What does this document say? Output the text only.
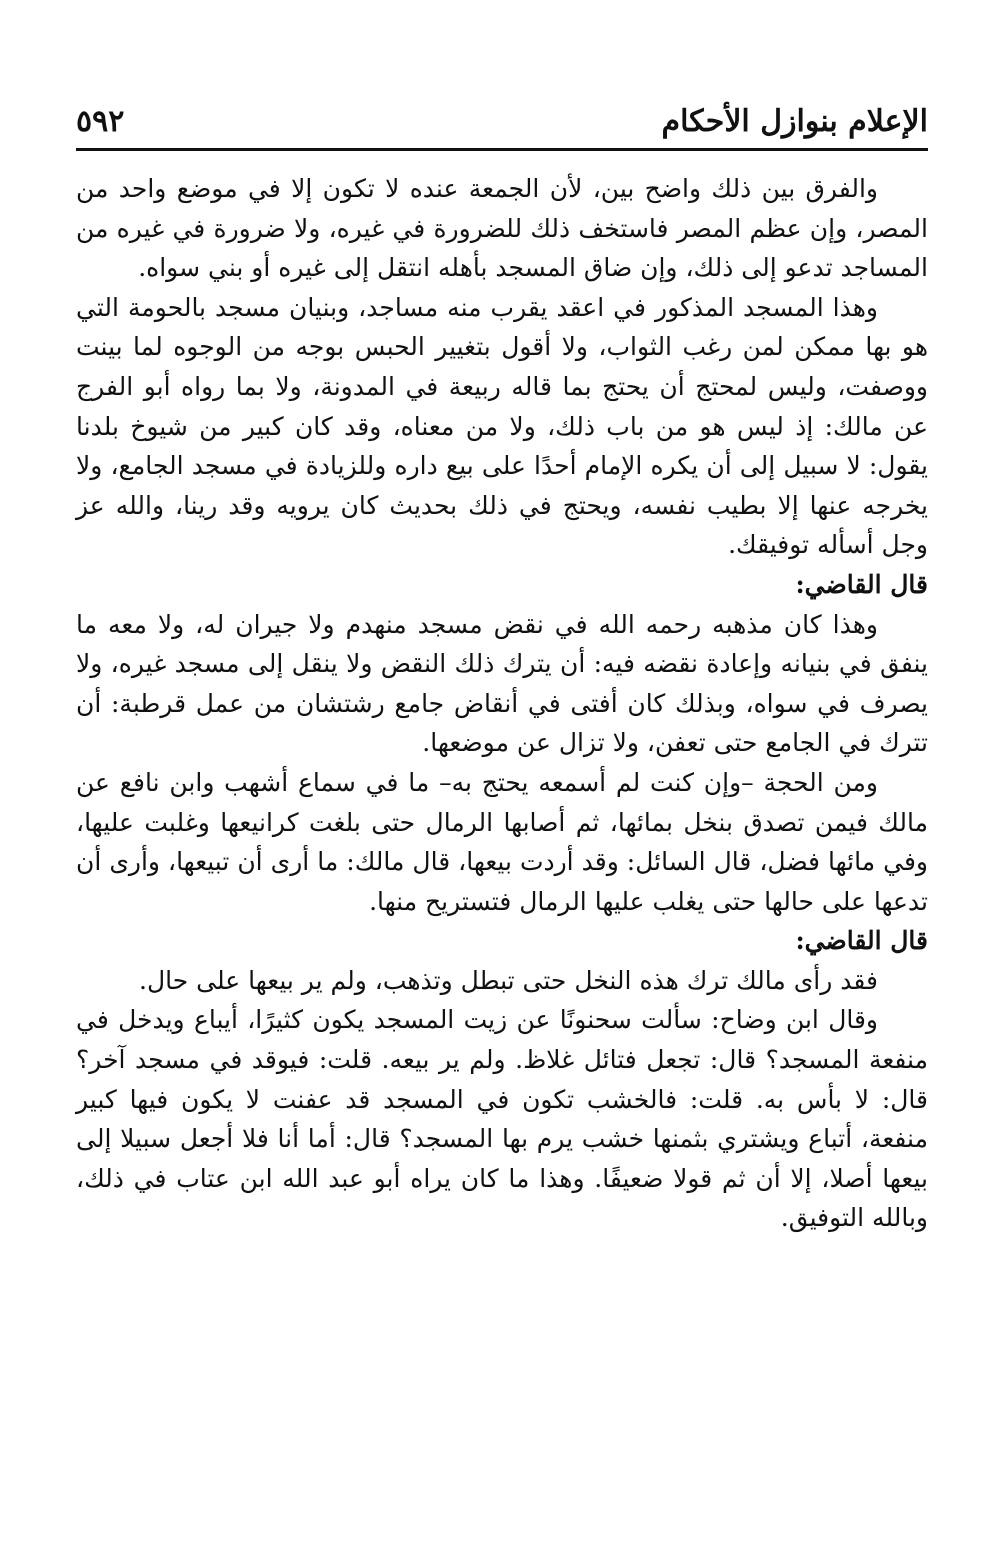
الإعلام بنوازل الأحكام
٥٩٢

والفرق بين ذلك واضح بين، لأن الجمعة عنده لا تكون إلا في موضع واحد من المصر، وإن عظم المصر فاستخف ذلك للضرورة في غيره، ولا ضرورة في غيره من المساجد تدعو إلى ذلك، وإن ضاق المسجد بأهله انتقل إلى غيره أو بني سواه.

وهذا المسجد المذكور في اعقد يقرب منه مساجد، وبنيان مسجد بالحومة التي هو بها ممكن لمن رغب الثواب، ولا أقول بتغيير الحبس بوجه من الوجوه لما بينت ووصفت، وليس لمحتج أن يحتج بما قاله ربيعة في المدونة، ولا بما رواه أبو الفرج عن مالك: إذ ليس هو من باب ذلك، ولا من معناه، وقد كان كبير من شيوخ بلدنا يقول: لا سبيل إلى أن يكره الإمام أحدًا على بيع داره وللزيادة في مسجد الجامع، ولا يخرجه عنها إلا بطيب نفسه، ويحتج في ذلك بحديث كان يرويه وقد رينا، والله عز وجل أسأله توفيقك.

قال القاضي:

وهذا كان مذهبه رحمه الله في نقض مسجد منهدم ولا جيران له، ولا معه ما ينفق في بنيانه وإعادة نقضه فيه: أن يترك ذلك النقض ولا ينقل إلى مسجد غيره، ولا يصرف في سواه، وبذلك كان أفتى في أنقاض جامع رشتشان من عمل قرطبة: أن تترك في الجامع حتى تعفن، ولا تزال عن موضعها.

ومن الحجة –وإن كنت لم أسمعه يحتج به– ما في سماع أشهب وابن نافع عن مالك فيمن تصدق بنخل بمائها، ثم أصابها الرمال حتى بلغت كرانيعها وغلبت عليها، وفي مائها فضل، قال السائل: وقد أردت بيعها، قال مالك: ما أرى أن تبيعها، وأرى أن تدعها على حالها حتى يغلب عليها الرمال فتستريح منها.

قال القاضي:

فقد رأى مالك ترك هذه النخل حتى تبطل وتذهب، ولم ير بيعها على حال.

وقال ابن وضاح: سألت سحنونًا عن زيت المسجد يكون كثيرًا، أيباع ويدخل في منفعة المسجد؟ قال: تجعل فتائل غلاظ. ولم ير بيعه. قلت: فيوقد في مسجد آخر؟ قال: لا بأس به. قلت: فالخشب تكون في المسجد قد عفنت لا يكون فيها كبير منفعة، أتباع ويشتري بثمنها خشب يرم بها المسجد؟ قال: أما أنا فلا أجعل سبيلا إلى بيعها أصلا، إلا أن ثم قولا ضعيفًا. وهذا ما كان يراه أبو عبد الله ابن عتاب في ذلك، وبالله التوفيق.
